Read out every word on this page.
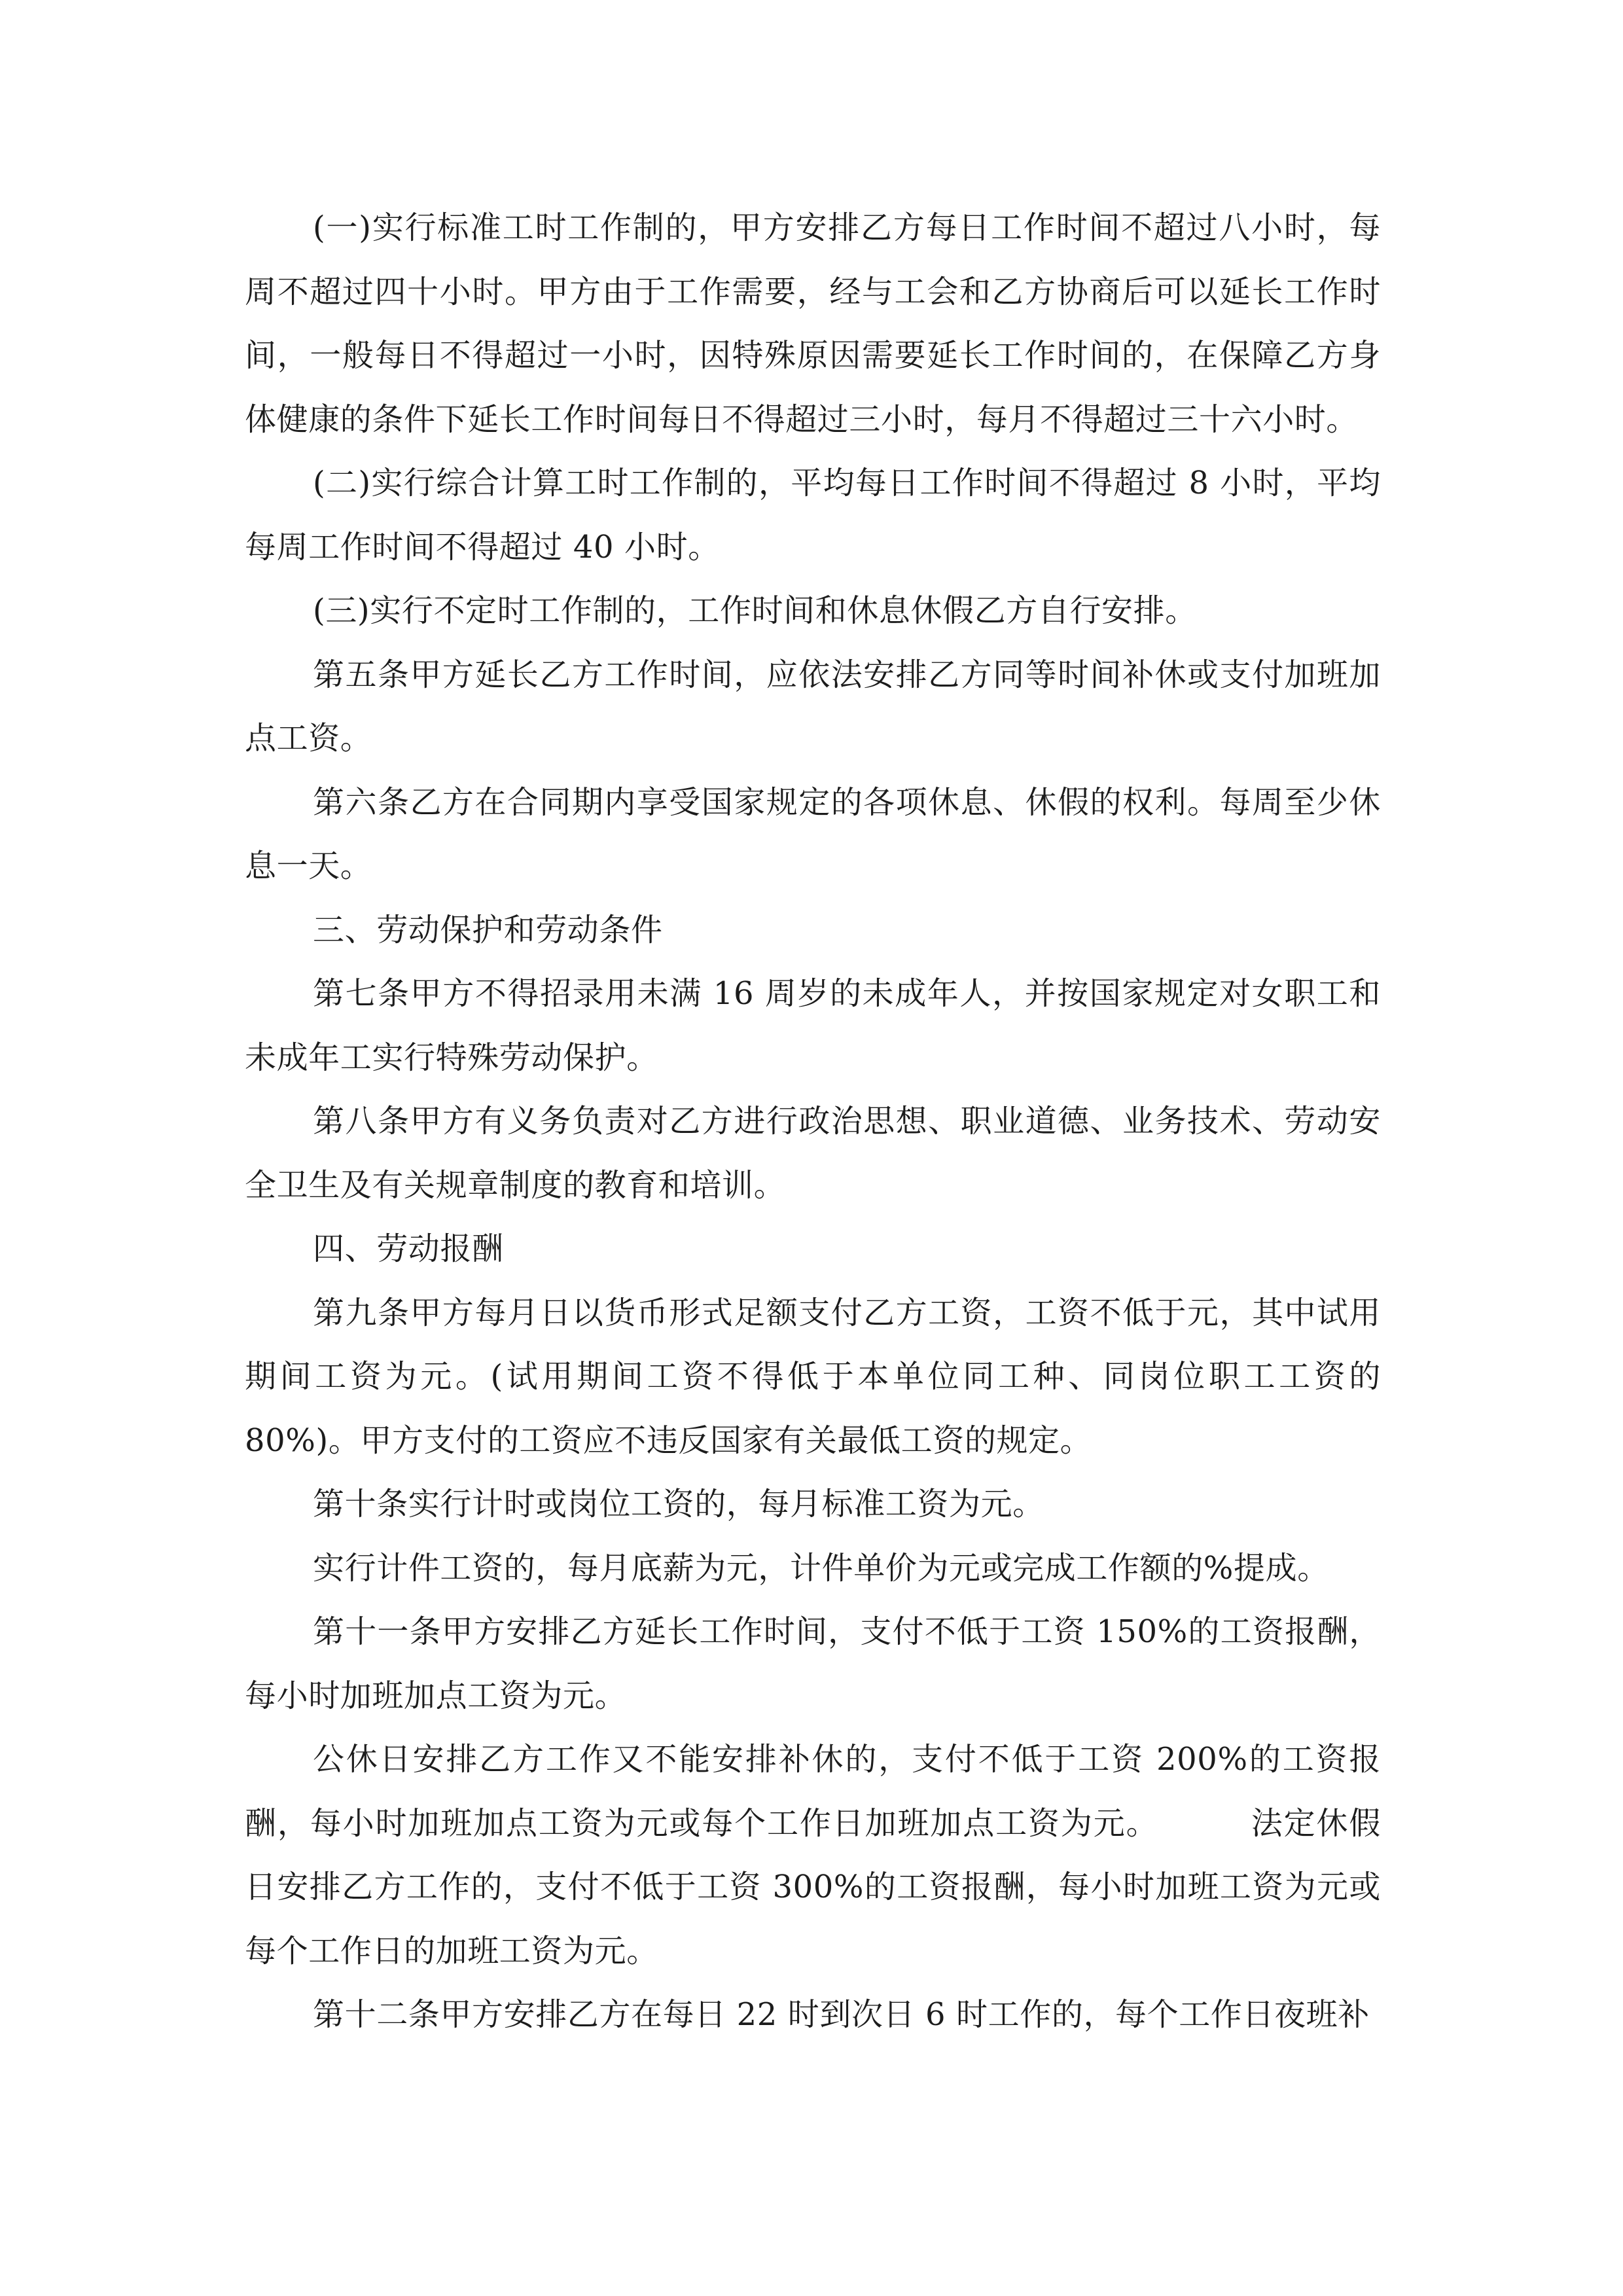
(一)实行标准工时工作制的，甲方安排乙方每日工作时间不超过八小时，每周不超过四十小时。甲方由于工作需要，经与工会和乙方协商后可以延长工作时间，一般每日不得超过一小时，因特殊原因需要延长工作时间的，在保障乙方身体健康的条件下延长工作时间每日不得超过三小时，每月不得超过三十六小时。

(二)实行综合计算工时工作制的，平均每日工作时间不得超过 8 小时，平均每周工作时间不得超过 40 小时。

(三)实行不定时工作制的，工作时间和休息休假乙方自行安排。

第五条甲方延长乙方工作时间，应依法安排乙方同等时间补休或支付加班加点工资。

第六条乙方在合同期内享受国家规定的各项休息、休假的权利。每周至少休息一天。

三、劳动保护和劳动条件

第七条甲方不得招录用未满 16 周岁的未成年人，并按国家规定对女职工和未成年工实行特殊劳动保护。

第八条甲方有义务负责对乙方进行政治思想、职业道德、业务技术、劳动安全卫生及有关规章制度的教育和培训。

四、劳动报酬

第九条甲方每月日以货币形式足额支付乙方工资，工资不低于元，其中试用期间工资为元。(试用期间工资不得低于本单位同工种、同岗位职工工资的 80%)。甲方支付的工资应不违反国家有关最低工资的规定。

第十条实行计时或岗位工资的，每月标准工资为元。

实行计件工资的，每月底薪为元，计件单价为元或完成工作额的%提成。

第十一条甲方安排乙方延长工作时间，支付不低于工资 150%的工资报酬，每小时加班加点工资为元。

公休日安排乙方工作又不能安排补休的，支付不低于工资 200%的工资报酬，每小时加班加点工资为元或每个工作日加班加点工资为元。	法定休假日安排乙方工作的，支付不低于工资 300%的工资报酬，每小时加班工资为元或每个工作日的加班工资为元。

第十二条甲方安排乙方在每日 22 时到次日 6 时工作的，每个工作日夜班补
